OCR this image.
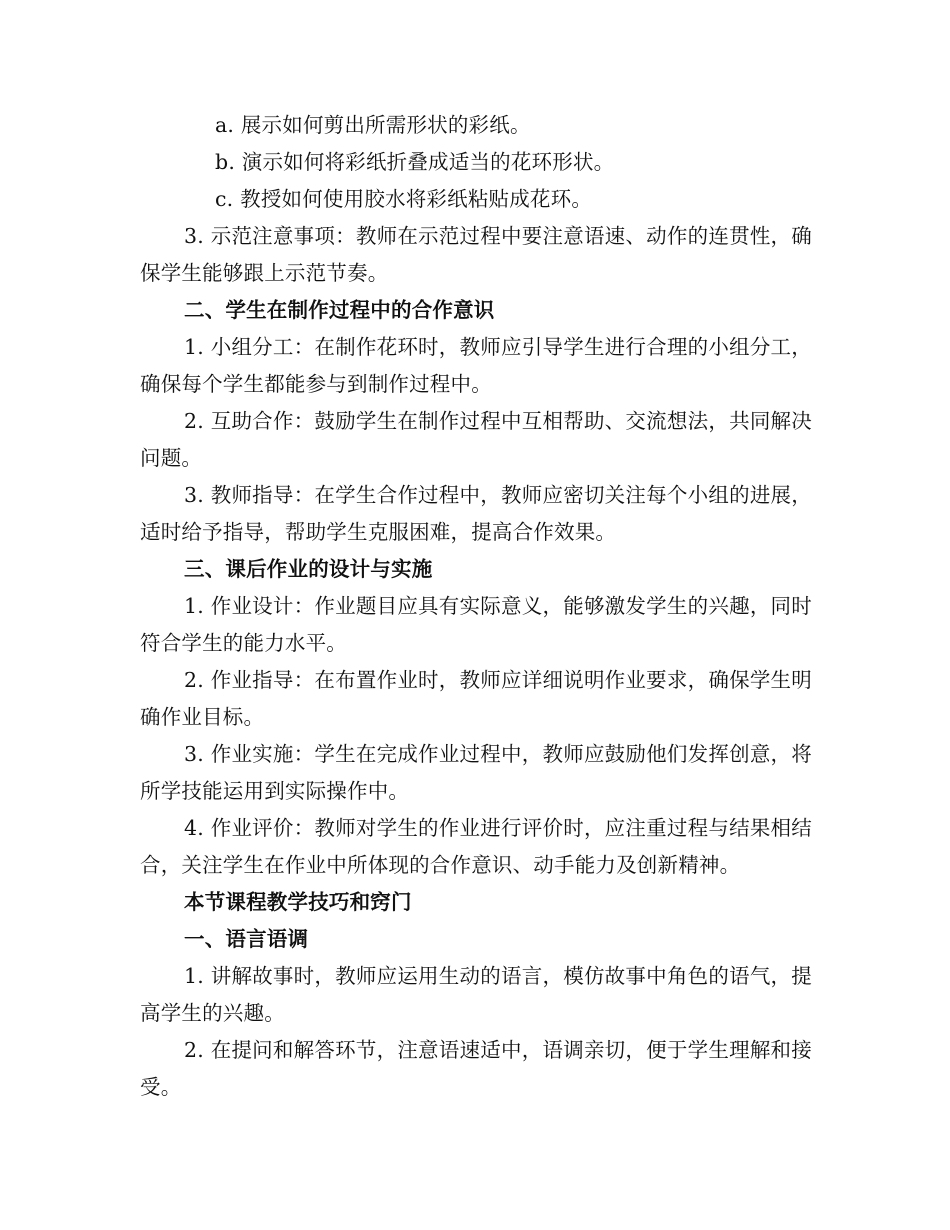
a. 展示如何剪出所需形状的彩纸。

b. 演示如何将彩纸折叠成适当的花环形状。

c. 教授如何使用胶水将彩纸粘贴成花环。

3. 示范注意事项：教师在示范过程中要注意语速、动作的连贯性，确保学生能够跟上示范节奏。

二、学生在制作过程中的合作意识

1. 小组分工：在制作花环时，教师应引导学生进行合理的小组分工，确保每个学生都能参与到制作过程中。

2. 互助合作：鼓励学生在制作过程中互相帮助、交流想法，共同解决问题。

3. 教师指导：在学生合作过程中，教师应密切关注每个小组的进展，适时给予指导，帮助学生克服困难，提高合作效果。

三、课后作业的设计与实施

1. 作业设计：作业题目应具有实际意义，能够激发学生的兴趣，同时符合学生的能力水平。

2. 作业指导：在布置作业时，教师应详细说明作业要求，确保学生明确作业目标。

3. 作业实施：学生在完成作业过程中，教师应鼓励他们发挥创意，将所学技能运用到实际操作中。

4. 作业评价：教师对学生的作业进行评价时，应注重过程与结果相结合，关注学生在作业中所体现的合作意识、动手能力及创新精神。

本节课程教学技巧和窍门

一、语言语调

1. 讲解故事时，教师应运用生动的语言，模仿故事中角色的语气，提高学生的兴趣。

2. 在提问和解答环节，注意语速适中，语调亲切，便于学生理解和接受。
